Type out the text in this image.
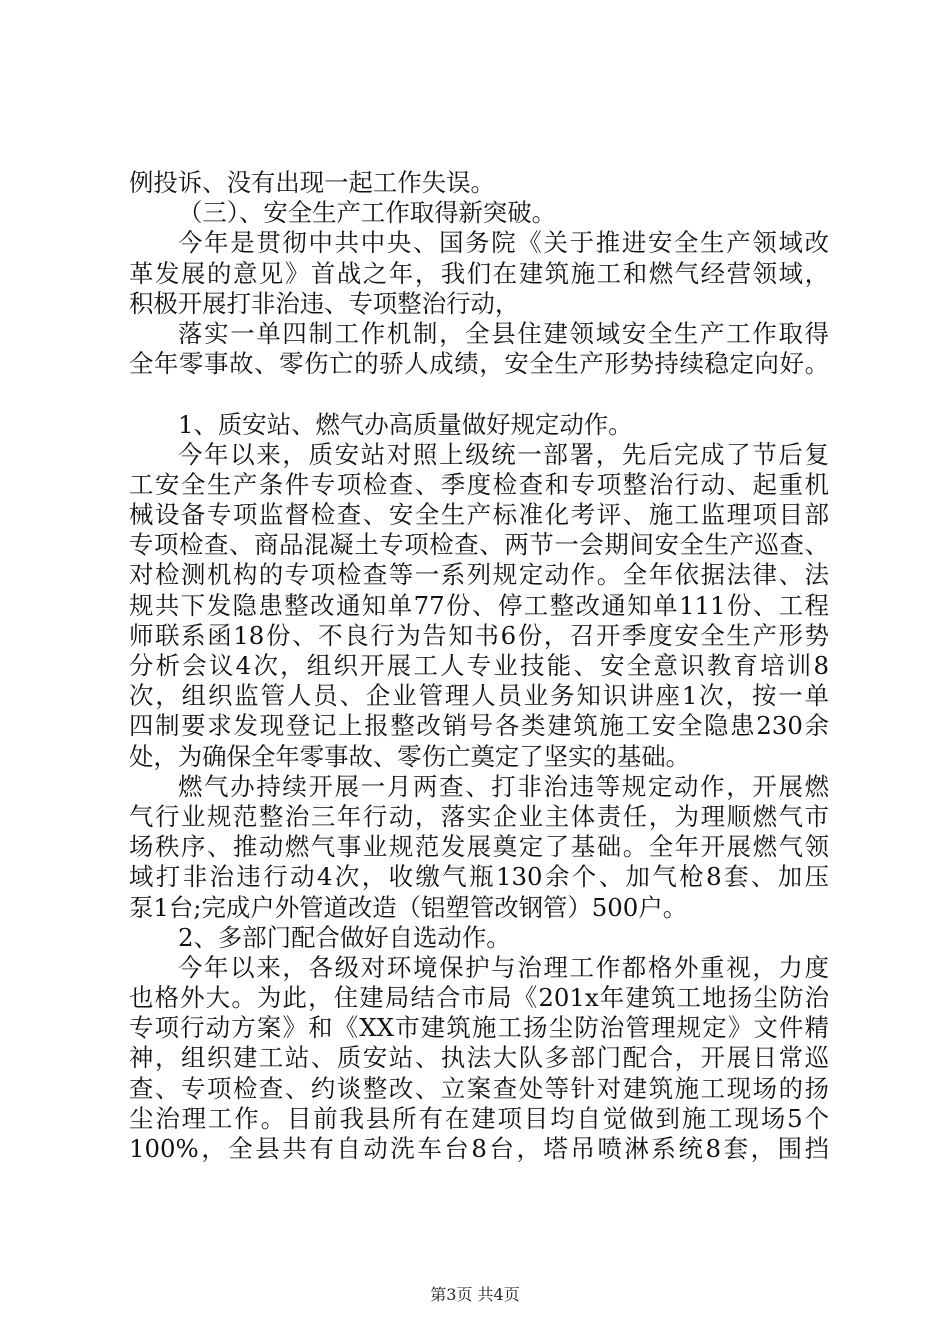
例投诉、没有出现一起工作失误。
（三）、安全生产工作取得新突破。
今年是贯彻中共中央、国务院《关于推进安全生产领域改
革发展的意见》首战之年，我们在建筑施工和燃气经营领域，
积极开展打非治违、专项整治行动，
落实一单四制工作机制，全县住建领域安全生产工作取得
全年零事故、零伤亡的骄人成绩，安全生产形势持续稳定向好。
1、质安站、燃气办高质量做好规定动作。
今年以来，质安站对照上级统一部署，先后完成了节后复
工安全生产条件专项检查、季度检查和专项整治行动、起重机
械设备专项监督检查、安全生产标准化考评、施工监理项目部
专项检查、商品混凝土专项检查、两节一会期间安全生产巡查、
对检测机构的专项检查等一系列规定动作。全年依据法律、法
规共下发隐患整改通知单77份、停工整改通知单111份、工程
师联系函18份、不良行为告知书6份，召开季度安全生产形势
分析会议4次，组织开展工人专业技能、安全意识教育培训8
次，组织监管人员、企业管理人员业务知识讲座1次，按一单
四制要求发现登记上报整改销号各类建筑施工安全隐患230余
处，为确保全年零事故、零伤亡奠定了坚实的基础。
燃气办持续开展一月两查、打非治违等规定动作，开展燃
气行业规范整治三年行动，落实企业主体责任，为理顺燃气市
场秩序、推动燃气事业规范发展奠定了基础。全年开展燃气领
域打非治违行动4次，收缴气瓶130余个、加气枪8套、加压
泵1台;完成户外管道改造（铝塑管改钢管）500户。
2、多部门配合做好自选动作。
今年以来，各级对环境保护与治理工作都格外重视，力度
也格外大。为此，住建局结合市局《201x年建筑工地扬尘防治
专项行动方案》和《XX市建筑施工扬尘防治管理规定》文件精
神，组织建工站、质安站、执法大队多部门配合，开展日常巡
查、专项检查、约谈整改、立案查处等针对建筑施工现场的扬
尘治理工作。目前我县所有在建项目均自觉做到施工现场5个
100%，全县共有自动洗车台8台，塔吊喷淋系统8套，围挡
第3页 共4页
